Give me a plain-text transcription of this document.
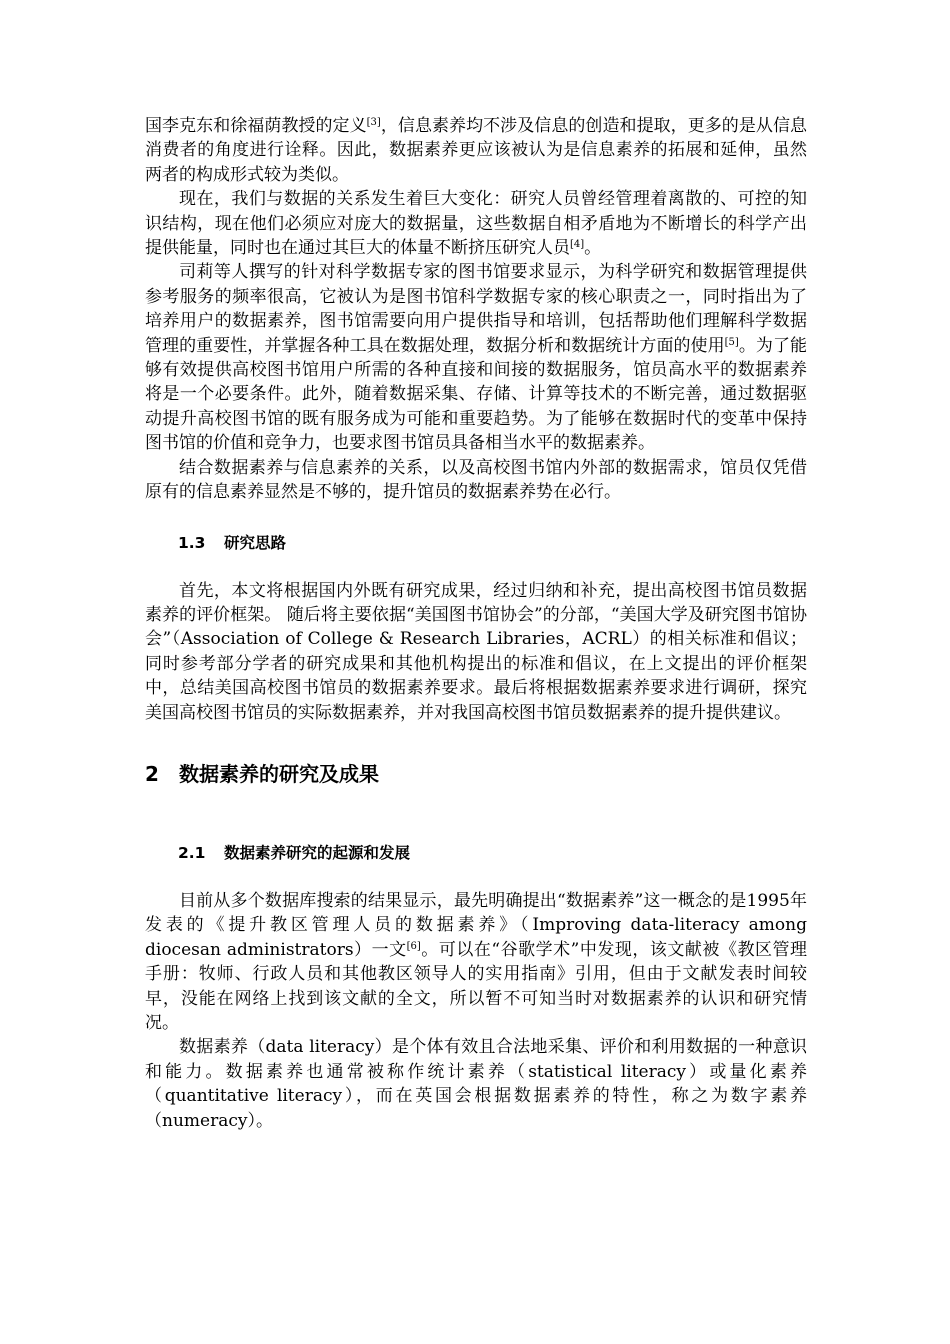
国李克东和徐福荫教授的定义[3]，信息素养均不涉及信息的创造和提取，更多的是从信息消费者的角度进行诠释。因此，数据素养更应该被认为是信息素养的拓展和延伸，虽然两者的构成形式较为类似。

现在，我们与数据的关系发生着巨大变化：研究人员曾经管理着离散的、可控的知识结构，现在他们必须应对庞大的数据量，这些数据自相矛盾地为不断增长的科学产出提供能量，同时也在通过其巨大的体量不断挤压研究人员[4]。

司莉等人撰写的针对科学数据专家的图书馆要求显示，为科学研究和数据管理提供参考服务的频率很高，它被认为是图书馆科学数据专家的核心职责之一，同时指出为了培养用户的数据素养，图书馆需要向用户提供指导和培训，包括帮助他们理解科学数据管理的重要性，并掌握各种工具在数据处理，数据分析和数据统计方面的使用[5]。为了能够有效提供高校图书馆用户所需的各种直接和间接的数据服务，馆员高水平的数据素养将是一个必要条件。此外，随着数据采集、存储、计算等技术的不断完善，通过数据驱动提升高校图书馆的既有服务成为可能和重要趋势。为了能够在数据时代的变革中保持图书馆的价值和竞争力，也要求图书馆员具备相当水平的数据素养。

结合数据素养与信息素养的关系，以及高校图书馆内外部的数据需求，馆员仅凭借原有的信息素养显然是不够的，提升馆员的数据素养势在必行。

1.3 研究思路

首先，本文将根据国内外既有研究成果，经过归纳和补充，提出高校图书馆员数据素养的评价框架。 随后将主要依据“美国图书馆协会”的分部，“美国大学及研究图书馆协会”（Association of College & Research Libraries，ACRL）的相关标准和倡议；同时参考部分学者的研究成果和其他机构提出的标准和倡议，在上文提出的评价框架中，总结美国高校图书馆员的数据素养要求。最后将根据数据素养要求进行调研，探究美国高校图书馆员的实际数据素养，并对我国高校图书馆员数据素养的提升提供建议。

2 数据素养的研究及成果
2.1 数据素养研究的起源和发展

目前从多个数据库搜索的结果显示，最先明确提出“数据素养”这一概念的是1995年发表的《提升教区管理人员的数据素养》（Improving data-literacy among diocesan administrators）一文[6]。可以在“谷歌学术”中发现，该文献被《教区管理手册：牧师、行政人员和其他教区领导人的实用指南》引用，但由于文献发表时间较早，没能在网络上找到该文献的全文，所以暂不可知当时对数据素养的认识和研究情况。

数据素养（data literacy）是个体有效且合法地采集、评价和利用数据的一种意识和能力。数据素养也通常被称作统计素养（statistical literacy）或量化素养（quantitative literacy），而在英国会根据数据素养的特性，称之为数字素养（numeracy）。
